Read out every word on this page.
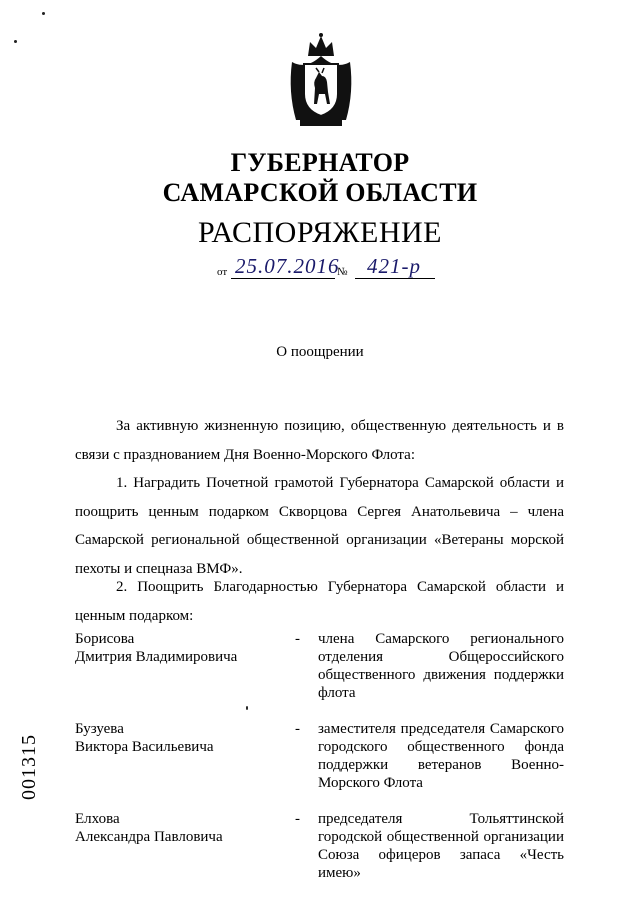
ГУБЕРНАТОР
САМАРСКОЙ ОБЛАСТИ
РАСПОРЯЖЕНИЕ
от 25.07.2016
№ 421-р
О поощрении
За активную жизненную позицию, общественную деятельность и в связи с празднованием Дня Военно-Морского Флота:
1. Наградить Почетной грамотой Губернатора Самарской области и поощрить ценным подарком Скворцова Сергея Анатольевича – члена Самарской региональной общественной организации «Ветераны морской пехоты и спецназа ВМФ».
2. Поощрить Благодарностью Губернатора Самарской области и ценным подарком:
Борисова
Дмитрия Владимировича
- члена Самарского регионального отделения Общероссийского общественного движения поддержки флота
Бузуева
Виктора Васильевича
- заместителя председателя Самарского городского общественного фонда поддержки ветеранов Военно-Морского Флота
Елхова
Александра Павловича
- председателя Тольяттинской городской общественной организации Союза офицеров запаса «Честь имею»
001315
